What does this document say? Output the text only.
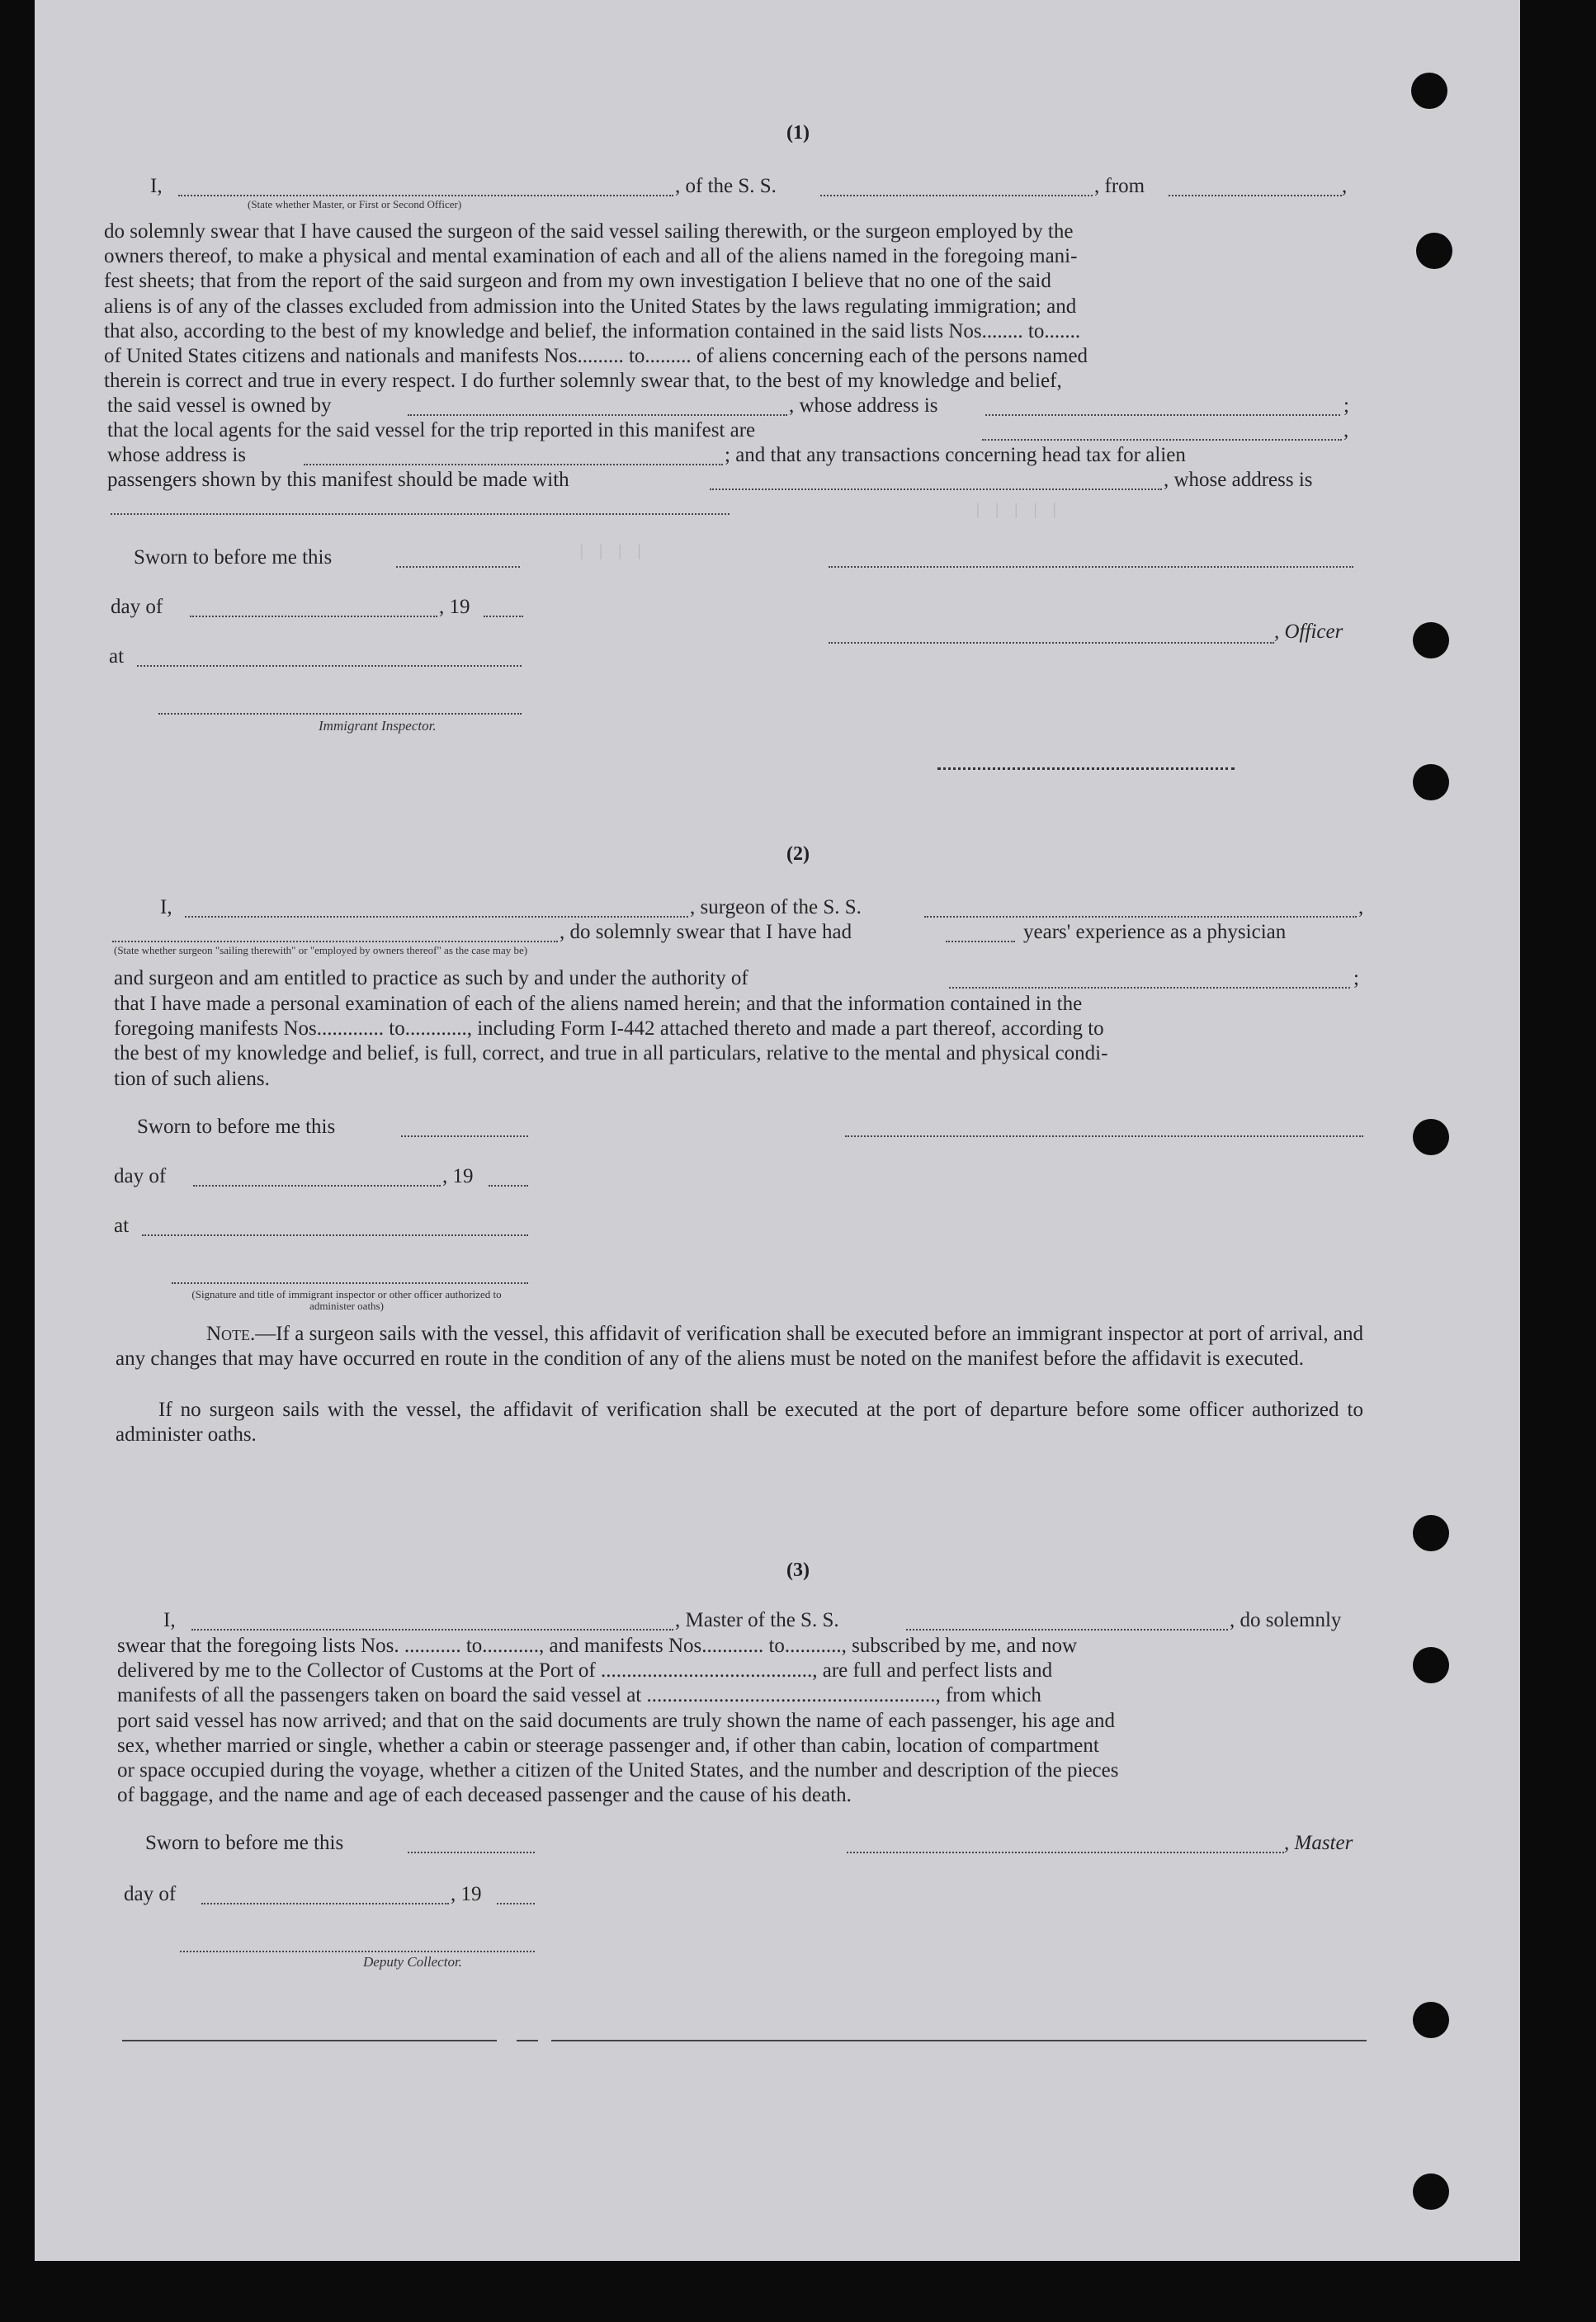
(1)
I,	, of the S. S.	, from	,
(State whether Master, or First or Second Officer)
do solemnly swear that I have caused the surgeon of the said vessel sailing therewith, or the surgeon employed by the
owners thereof, to make a physical and mental examination of each and all of the aliens named in the foregoing mani-
fest sheets; that from the report of the said surgeon and from my own investigation I believe that no one of the said
aliens is of any of the classes excluded from admission into the United States by the laws regulating immigration; and
that also, according to the best of my knowledge and belief, the information contained in the said lists Nos........ to.......
of United States citizens and nationals and manifests Nos......... to......... of aliens concerning each of the persons named
therein is correct and true in every respect. I do further solemnly swear that, to the best of my knowledge and belief,
the said vessel is owned by	, whose address is	;
that the local agents for the said vessel for the trip reported in this manifest are	,
whose address is	; and that any transactions concerning head tax for alien
passengers shown by this manifest should be made with	, whose address is
Sworn to before me this
day of	, 19
at
Immigrant Inspector.
, Officer
│ │ │ │
│ │ │ │ │
(2)
I,	, surgeon of the S. S.	,
, do solemnly swear that I have had	years' experience as a physician
(State whether surgeon "sailing therewith" or "employed by owners thereof" as the case may be)
and surgeon and am entitled to practice as such by and under the authority of	;
that I have made a personal examination of each of the aliens named herein; and that the information contained in the
foregoing manifests Nos............. to............, including Form I-442 attached thereto and made a part thereof, according to
the best of my knowledge and belief, is full, correct, and true in all particulars, relative to the mental and physical condi-
tion of such aliens.
Sworn to before me this
day of	, 19
at
(Signature and title of immigrant inspector or other officer authorized to administer oaths)
Note.—If a surgeon sails with the vessel, this affidavit of verification shall be executed before an immigrant inspector at port of arrival, and any changes that may have occurred en route in the condition of any of the aliens must be noted on the manifest before the affidavit is executed.
If no surgeon sails with the vessel, the affidavit of verification shall be executed at the port of departure before some officer authorized to administer oaths.
(3)
I,	, Master of the S. S.	, do solemnly
swear that the foregoing lists Nos. ........... to..........., and manifests Nos............ to..........., subscribed by me, and now
delivered by me to the Collector of Customs at the Port of ........................................., are full and perfect lists and
manifests of all the passengers taken on board the said vessel at ........................................................, from which
port said vessel has now arrived; and that on the said documents are truly shown the name of each passenger, his age and
sex, whether married or single, whether a cabin or steerage passenger and, if other than cabin, location of compartment
or space occupied during the voyage, whether a citizen of the United States, and the number and description of the pieces
of baggage, and the name and age of each deceased passenger and the cause of his death.
Sworn to before me this	, Master
day of	, 19
Deputy Collector.
